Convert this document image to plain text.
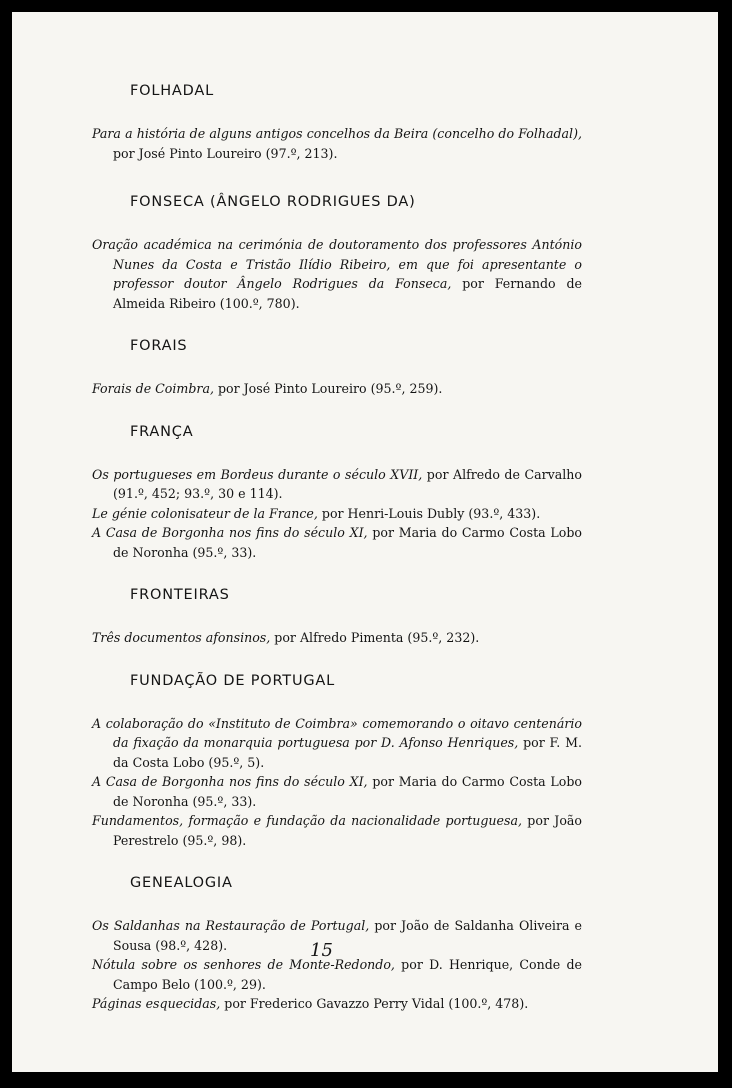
FOLHADAL
Para a história de alguns antigos concelhos da Beira (concelho do Folhadal), por José Pinto Loureiro (97.º, 213).
FONSECA (ÂNGELO RODRIGUES DA)
Oração académica na cerimónia de doutoramento dos professores António Nunes da Costa e Tristão Ilídio Ribeiro, em que foi apresentante o professor doutor Ângelo Rodrigues da Fonseca, por Fernando de Almeida Ribeiro (100.º, 780).
FORAIS
Forais de Coimbra, por José Pinto Loureiro (95.º, 259).
FRANÇA
Os portugueses em Bordeus durante o século XVII, por Alfredo de Carvalho (91.º, 452; 93.º, 30 e 114).
Le génie colonisateur de la France, por Henri-Louis Dubly (93.º, 433).
A Casa de Borgonha nos fins do século XI, por Maria do Carmo Costa Lobo de Noronha (95.º, 33).
FRONTEIRAS
Três documentos afonsinos, por Alfredo Pimenta (95.º, 232).
FUNDAÇÃO DE PORTUGAL
A colaboração do «Instituto de Coimbra» comemorando o oitavo centenário da fixação da monarquia portuguesa por D. Afonso Henriques, por F. M. da Costa Lobo (95.º, 5).
A Casa de Borgonha nos fins do século XI, por Maria do Carmo Costa Lobo de Noronha (95.º, 33).
Fundamentos, formação e fundação da nacionalidade portuguesa, por João Perestrelo (95.º, 98).
GENEALOGIA
Os Saldanhas na Restauração de Portugal, por João de Saldanha Oliveira e Sousa (98.º, 428).
Nótula sobre os senhores de Monte-Redondo, por D. Henrique, Conde de Campo Belo (100.º, 29).
Páginas esquecidas, por Frederico Gavazzo Perry Vidal (100.º, 478).
15
